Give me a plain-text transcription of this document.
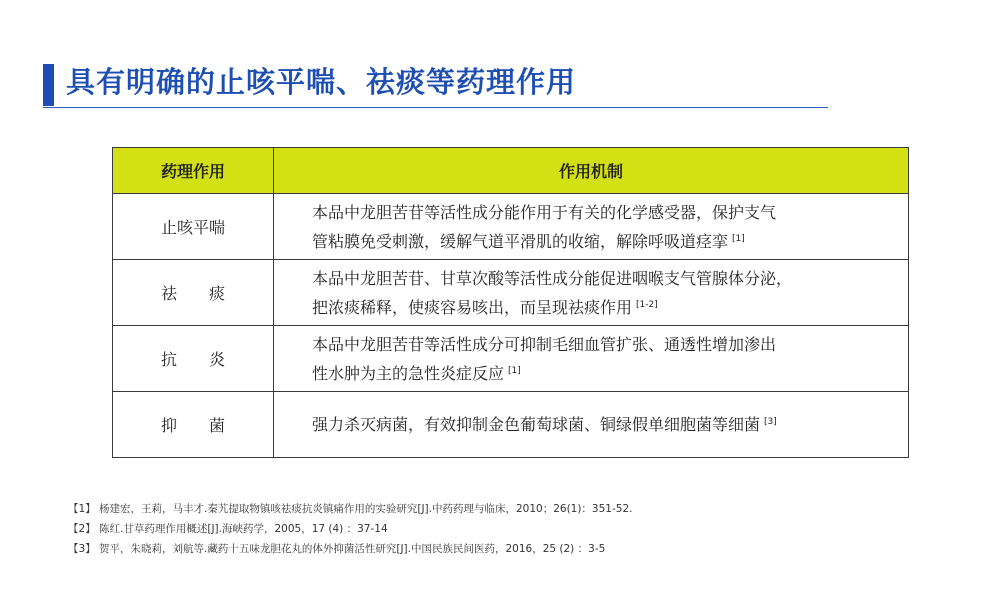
具有明确的止咳平喘、祛痰等药理作用
药理作用	作用机制
止咳平喘	本品中龙胆苦苷等活性成分能作用于有关的化学感受器，保护支气
管粘膜免受刺激，缓解气道平滑肌的收缩，解除呼吸道痉挛 [1]

祛　　痰	本品中龙胆苦苷、甘草次酸等活性成分能促进咽喉支气管腺体分泌，
把浓痰稀释，使痰容易咳出，而呈现祛痰作用 [1-2]

抗　　炎	本品中龙胆苦苷等活性成分可抑制毛细血管扩张、通透性增加渗出
性水肿为主的急性炎症反应 [1]

抑　　菌	强力杀灭病菌，有效抑制金色葡萄球菌、铜绿假单细胞菌等细菌 [3]
【1】 杨建宏，王莉，马丰才.秦艽提取物镇咳祛痰抗炎镇痛作用的实验研究[J].中药药理与临床，2010；26(1)：351-52.
【2】 陈红.甘草药理作用概述[J].海峡药学，2005，17 (4) ：37-14
【3】 贺平，朱晓莉，刘航等.藏药十五味龙胆花丸的体外抑菌活性研究[J].中国民族民间医药，2016，25 (2) ：3-5
